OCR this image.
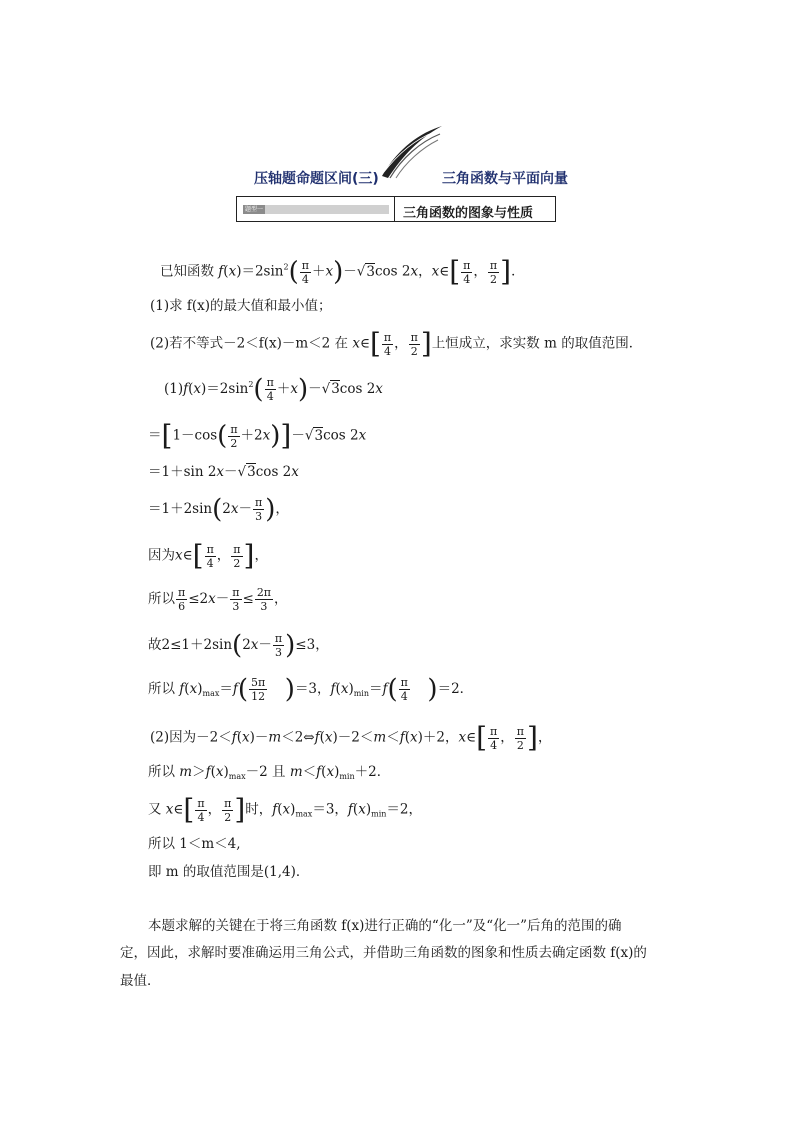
压轴题命题区间(三)	三角函数与平面向量
题型一	三角函数的图象与性质
已知函数 $f(x)=2\sin^2( \frac{\pi}{4} +x)-√3\cos$ 2x，x∈[ $\frac{\pi}{4}$ ， $\frac{\pi}{2}$ ]．
(1)求 f(x)的最大值和最小值；
(2)若不等式－2＜f(x)－m＜2 在 x∈[ $\frac{\pi}{4}$ ， $\frac{\pi}{2}$ ]上恒成立，求实数 m 的取值范围．
$(1)f(x)=2\sin^2( \frac{\pi}{4} +x)-√3\cos$ 2x
$=[1-\cos( \frac{\pi}{2} +2x)]-√3\cos$ 2x
＝1＋sin 2x－√3cos 2x
$=1+2\sin(2x- \frac{\pi}{3}$ )，
因为x∈[ $\frac{\pi}{4}$ ， $\frac{\pi}{2}$ ]，
所以 $\frac{\pi}{6} \le 2x- \frac{\pi}{3} \le \frac{2\pi}{3}$ ，
故$2\le 1+2\sin(2x- \frac{\pi}{3} )\le 3$，
所以 $f(x)_{max}=f( \frac{5\pi}{12} )=3$，$f(x)_{min}=f( \frac{\pi}{4} )=2$．
(2)因为－2＜f(x)－m＜2⇔f(x)－2＜m＜f(x)＋2，x∈[ $\frac{\pi}{4}$ ， $\frac{\pi}{2}$ ]，
所以 $m>f(x)_{max}-2$ 且 $m<f(x)_{min}+2$．
又 x∈[ $\frac{\pi}{4}$ ， $\frac{\pi}{2}$ ]时，$f(x)_{max}=3$，$f(x)_{min}=2$，
所以 1＜m＜4,
即 m 的取值范围是(1,4)．
本题求解的关键在于将三角函数 f(x)进行正确的“化一”及“化一”后角的范围的确
定，因此，求解时要准确运用三角公式，并借助三角函数的图象和性质去确定函数 f(x)的
最值．
